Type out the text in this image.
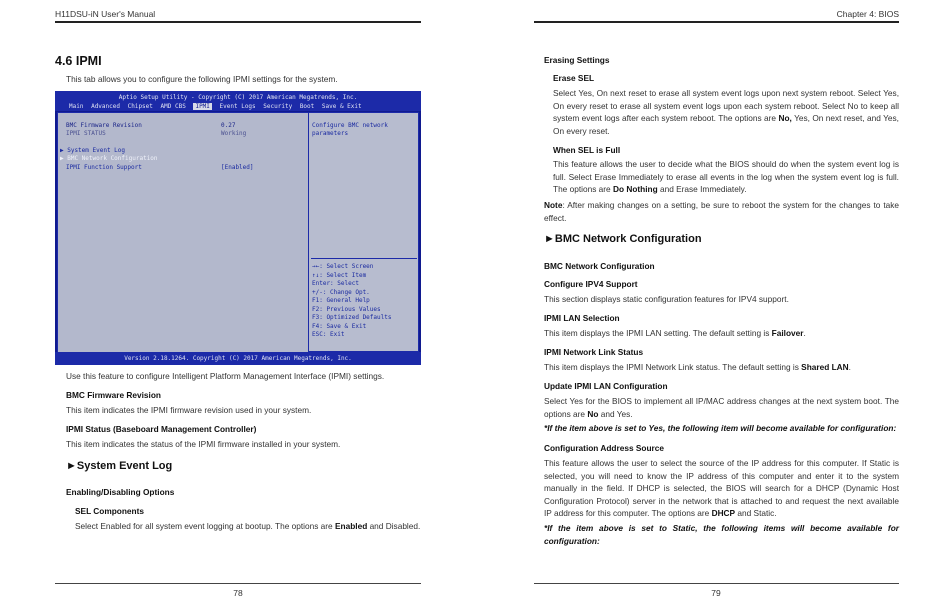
H11DSU-iN User's Manual
4.6 IPMI
This tab allows you to configure the following IPMI settings for the system.
Aptio Setup Utility - Copyright (C) 2017 American Megatrends, Inc.
Main Advanced Chipset AMD CBS IPMI Event Logs Security Boot Save & Exit
BMC Firmware Revision	0.27
IPMI STATUS	Working
▶ System Event Log
▶ BMC Network Configuration
IPMI Function Support	[Enabled]
Configure BMC network
parameters
→←: Select Screen
↑↓: Select Item
Enter: Select
+/-: Change Opt.
F1: General Help
F2: Previous Values
F3: Optimized Defaults
F4: Save & Exit
ESC: Exit
Version 2.18.1264. Copyright (C) 2017 American Megatrends, Inc.
Use this feature to configure Intelligent Platform Management Interface (IPMI) settings.
BMC Firmware Revision
This item indicates the IPMI firmware revision used in your system.
IPMI Status (Baseboard Management Controller)
This item indicates the status of the IPMI firmware installed in your system.
►System Event Log
Enabling/Disabling Options
SEL Components
Select Enabled for all system event logging at bootup. The options are Enabled and Disabled.
78
Chapter 4: BIOS
Erasing Settings
Erase SEL
Select Yes, On next reset to erase all system event logs upon next system reboot. Select Yes, On every reset to erase all system event logs upon each system reboot. Select No to keep all system event logs after each system reboot. The options are No, Yes, On next reset, and Yes, On every reset.
When SEL is Full
This feature allows the user to decide what the BIOS should do when the system event log is full. Select Erase Immediately to erase all events in the log when the system event log is full. The options are Do Nothing and Erase Immediately.
Note: After making changes on a setting, be sure to reboot the system for the changes to take effect.
►BMC Network Configuration
BMC Network Configuration
Configure IPV4 Support
This section displays static configuration features for IPV4 support.
IPMI LAN Selection
This item displays the IPMI LAN setting. The default setting is Failover.
IPMI Network Link Status
This item displays the IPMI Network Link status. The default setting is Shared LAN.
Update IPMI LAN Configuration
Select Yes for the BIOS to implement all IP/MAC address changes at the next system boot. The options are No and Yes.
*If the item above is set to Yes, the following item will become available for configuration:
Configuration Address Source
This feature allows the user to select the source of the IP address for this computer. If Static is selected, you will need to know the IP address of this computer and enter it to the system manually in the field. If DHCP is selected, the BIOS will search for a DHCP (Dynamic Host Configuration Protocol) server in the network that is attached to and request the next available IP address for this computer. The options are DHCP and Static.
*If the item above is set to Static, the following items will become available for configuration:
79
